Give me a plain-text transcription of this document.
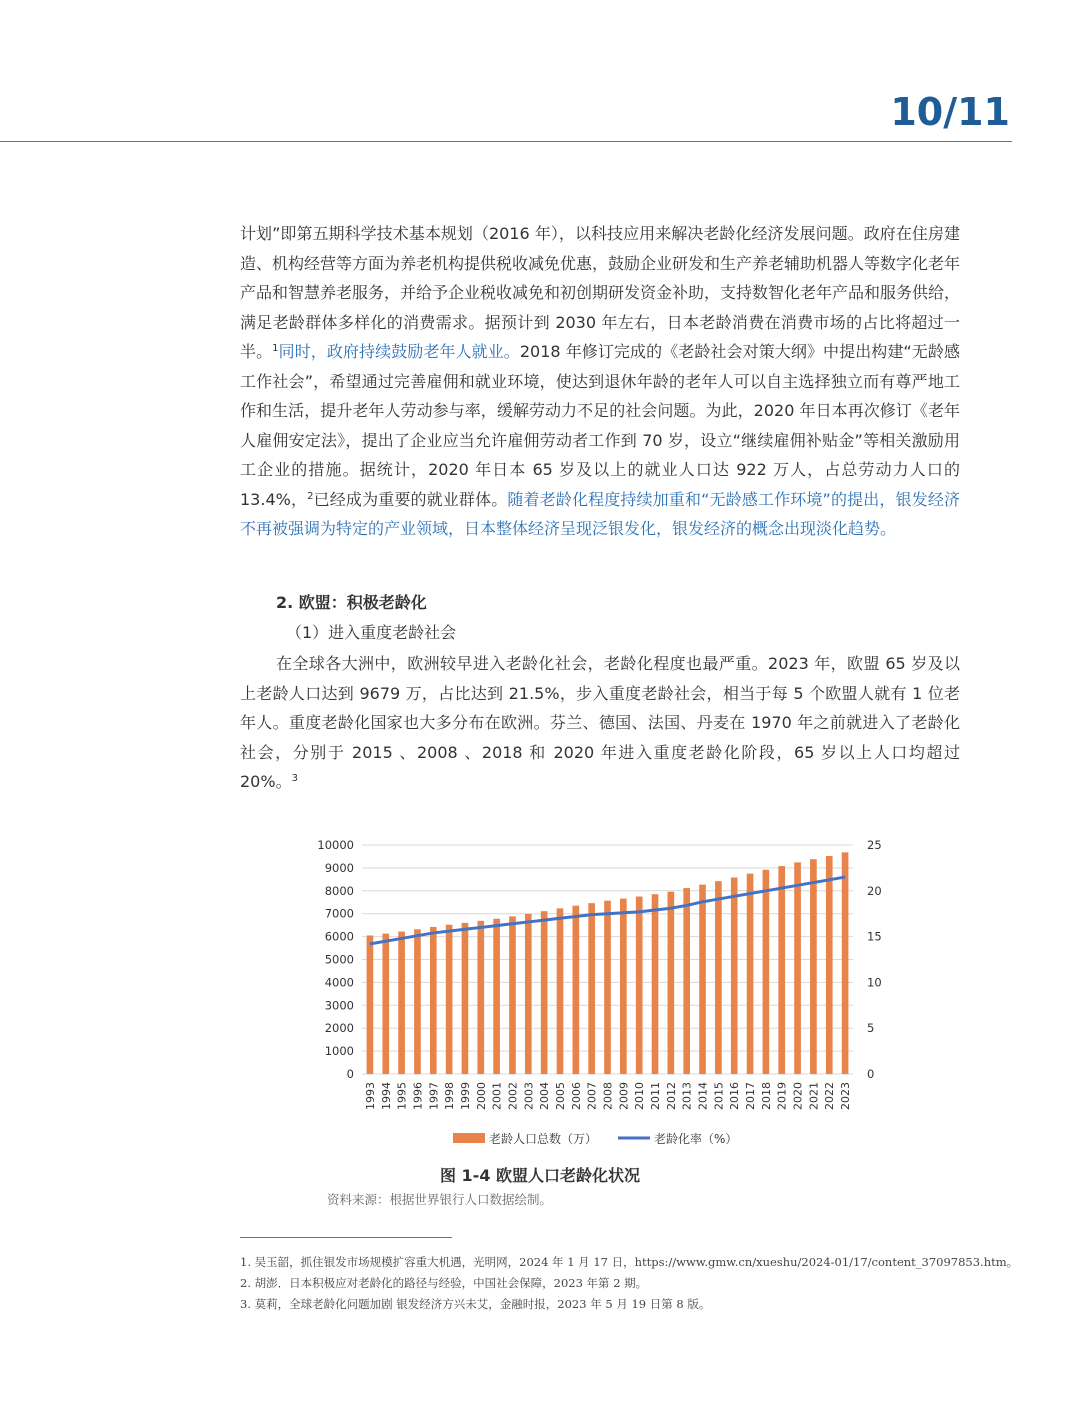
10/11

计划”即第五期科学技术基本规划（2016 年），以科技应用来解决老龄化经济发展问题。政府在住房建造、机构经营等方面为养老机构提供税收减免优惠，鼓励企业研发和生产养老辅助机器人等数字化老年产品和智慧养老服务，并给予企业税收减免和初创期研发资金补助，支持数智化老年产品和服务供给，满足老龄群体多样化的消费需求。据预计到 2030 年左右，日本老龄消费在消费市场的占比将超过一半。$^1$同时，政府持续鼓励老年人就业。2018 年修订完成的《老龄社会对策大纲》中提出构建“无龄感工作社会”，希望通过完善雇佣和就业环境，使达到退休年龄的老年人可以自主选择独立而有尊严地工作和生活，提升老年人劳动参与率，缓解劳动力不足的社会问题。为此，2020 年日本再次修订《老年人雇佣安定法》，提出了企业应当允许雇佣劳动者工作到 70 岁，设立“继续雇佣补贴金”等相关激励用工企业的措施。据统计，2020 年日本 65 岁及以上的就业人口达 922 万人，占总劳动力人口的 13.4%，$^2$已经成为重要的就业群体。随着老龄化程度持续加重和“无龄感工作环境”的提出，银发经济不再被强调为特定的产业领域，日本整体经济呈现泛银发化，银发经济的概念出现淡化趋势。

2. 欧盟：积极老龄化
（1）进入重度老龄社会
在全球各大洲中，欧洲较早进入老龄化社会，老龄化程度也最严重。2023 年，欧盟 65 岁及以上老龄人口达到 9679 万，占比达到 21.5%，步入重度老龄社会，相当于每 5 个欧盟人就有 1 位老年人。重度老龄化国家也大多分布在欧洲。芬兰、德国、法国、丹麦在 1970 年之前就进入了老龄化社会，分别于 2015 、2008 、2018 和 2020 年进入重度老龄化阶段，65 岁以上人口均超过 20%。$^3$
0
1000
2000
3000
4000
5000
6000
7000
8000
9000
10000
0
5
10
15
20
25
1993 1994 1995 1996 1997 1998 1999 2000 2001 2002 2003 2004 2005 2006 2007 2008 2009 2010 2011 2012 2013 2014 2015 2016 2017 2018 2019 2020 2021 2022 2023
老龄人口总数（万）	老龄化率（%）
图 1-4 欧盟人口老龄化状况
资料来源：根据世界银行人口数据绘制。
1. 吴玉韶，抓住银发市场规模扩容重大机遇，光明网，2024 年 1 月 17 日，https://www.gmw.cn/xueshu/2024-01/17/content_37097853.htm。
2. 胡澎．日本积极应对老龄化的路径与经验，中国社会保障，2023 年第 2 期。
3. 莫莉，全球老龄化问题加剧 银发经济方兴未艾，金融时报，2023 年 5 月 19 日第 8 版。
